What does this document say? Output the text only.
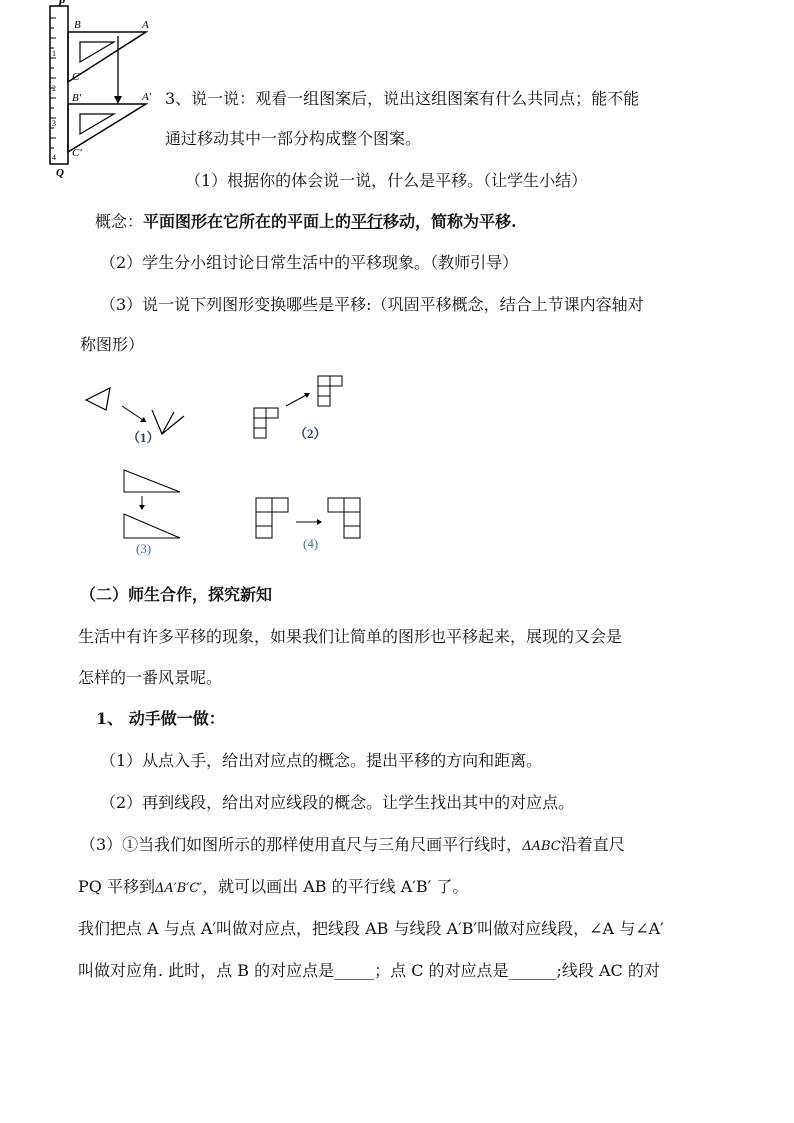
P
B	A
C
B′	A′
C′
Q
1
2
3
4
3、说一说：观看一组图案后，说出这组图案有什么共同点；能不能
通过移动其中一部分构成整个图案。
（1）根据你的体会说一说，什么是平移。（让学生小结）
概念：平面图形在它所在的平面上的平行移动，简称为平移.
（2）学生分小组讨论日常生活中的平移现象。（教师引导）
（3）说一说下列图形变换哪些是平移:（巩固平移概念，结合上节课内容轴对
称图形）
（1）	（2）
(3)	(4)
（二）师生合作，探究新知
生活中有许多平移的现象，如果我们让简单的图形也平移起来，展现的又会是
怎样的一番风景呢。
1、 动手做一做：
（1）从点入手，给出对应点的概念。提出平移的方向和距离。
（2）再到线段，给出对应线段的概念。让学生找出其中的对应点。
（3）①当我们如图所示的那样使用直尺与三角尺画平行线时，ΔABC沿着直尺
PQ 平移到ΔA′B′C′，就可以画出 AB 的平行线 A′B′ 了。
我们把点 A 与点 A′叫做对应点，把线段 AB 与线段 A′B′叫做对应线段，∠A 与∠A′
叫做对应角. 此时，点 B 的对应点是_____；点 C 的对应点是______;线段 AC 的对
